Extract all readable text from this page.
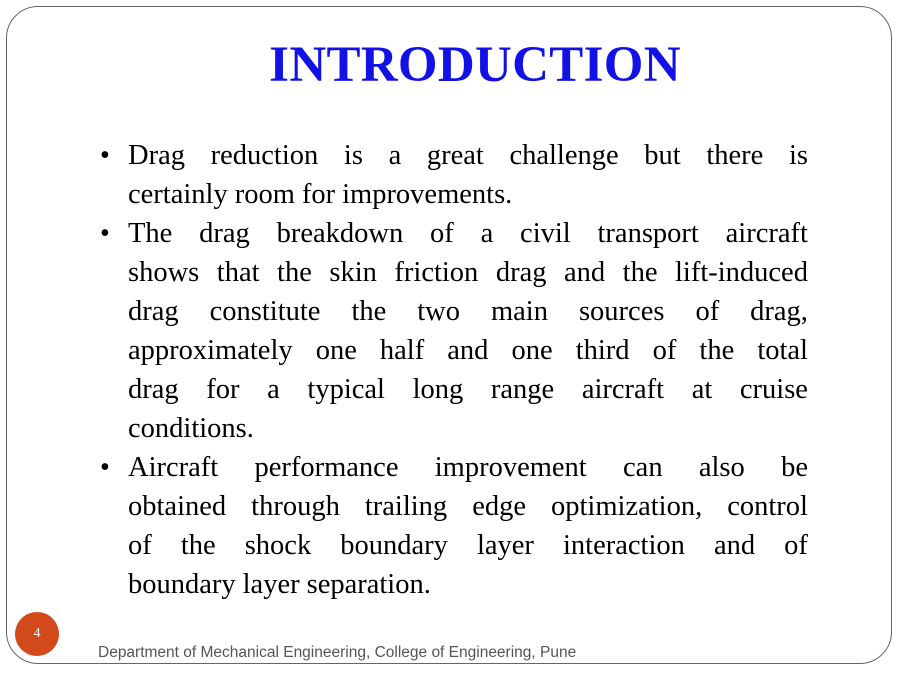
INTRODUCTION
• Drag reduction is a great challenge but there is
certainly room for improvements.
• The drag breakdown of a civil transport aircraft
shows that the skin friction drag and the lift-induced
drag constitute the two main sources of drag,
approximately one half and one third of the total
drag for a typical long range aircraft at cruise
conditions.
• Aircraft performance improvement can also be
obtained through trailing edge optimization, control
of the shock boundary layer interaction and of
boundary layer separation.
4
Department of Mechanical Engineering, College of Engineering, Pune
